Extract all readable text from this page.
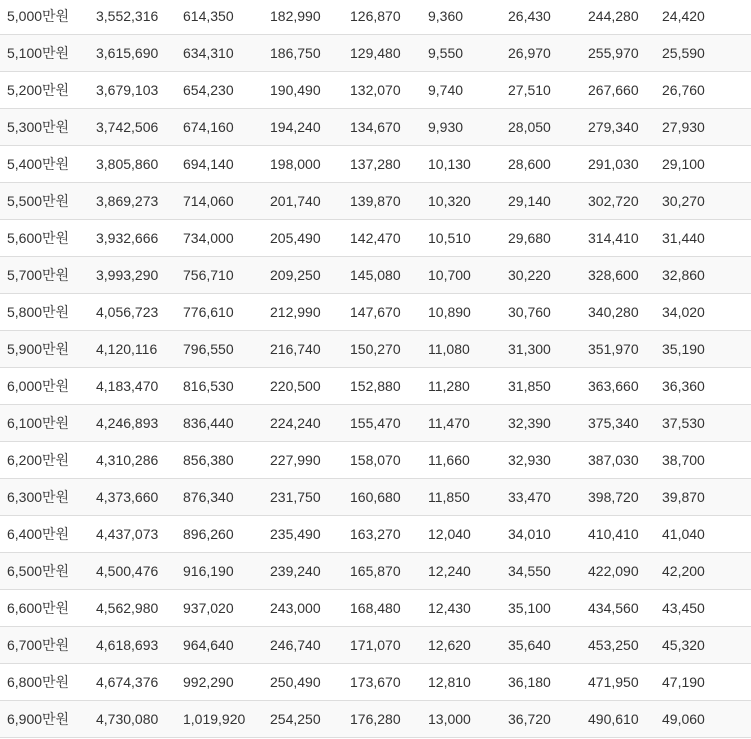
5,000만원	3,552,316	614,350	182,990	126,870	9,360	26,430	244,280	24,420
5,100만원	3,615,690	634,310	186,750	129,480	9,550	26,970	255,970	25,590
5,200만원	3,679,103	654,230	190,490	132,070	9,740	27,510	267,660	26,760
5,300만원	3,742,506	674,160	194,240	134,670	9,930	28,050	279,340	27,930
5,400만원	3,805,860	694,140	198,000	137,280	10,130	28,600	291,030	29,100
5,500만원	3,869,273	714,060	201,740	139,870	10,320	29,140	302,720	30,270
5,600만원	3,932,666	734,000	205,490	142,470	10,510	29,680	314,410	31,440
5,700만원	3,993,290	756,710	209,250	145,080	10,700	30,220	328,600	32,860
5,800만원	4,056,723	776,610	212,990	147,670	10,890	30,760	340,280	34,020
5,900만원	4,120,116	796,550	216,740	150,270	11,080	31,300	351,970	35,190
6,000만원	4,183,470	816,530	220,500	152,880	11,280	31,850	363,660	36,360
6,100만원	4,246,893	836,440	224,240	155,470	11,470	32,390	375,340	37,530
6,200만원	4,310,286	856,380	227,990	158,070	11,660	32,930	387,030	38,700
6,300만원	4,373,660	876,340	231,750	160,680	11,850	33,470	398,720	39,870
6,400만원	4,437,073	896,260	235,490	163,270	12,040	34,010	410,410	41,040
6,500만원	4,500,476	916,190	239,240	165,870	12,240	34,550	422,090	42,200
6,600만원	4,562,980	937,020	243,000	168,480	12,430	35,100	434,560	43,450
6,700만원	4,618,693	964,640	246,740	171,070	12,620	35,640	453,250	45,320
6,800만원	4,674,376	992,290	250,490	173,670	12,810	36,180	471,950	47,190
6,900만원	4,730,080	1,019,920	254,250	176,280	13,000	36,720	490,610	49,060
